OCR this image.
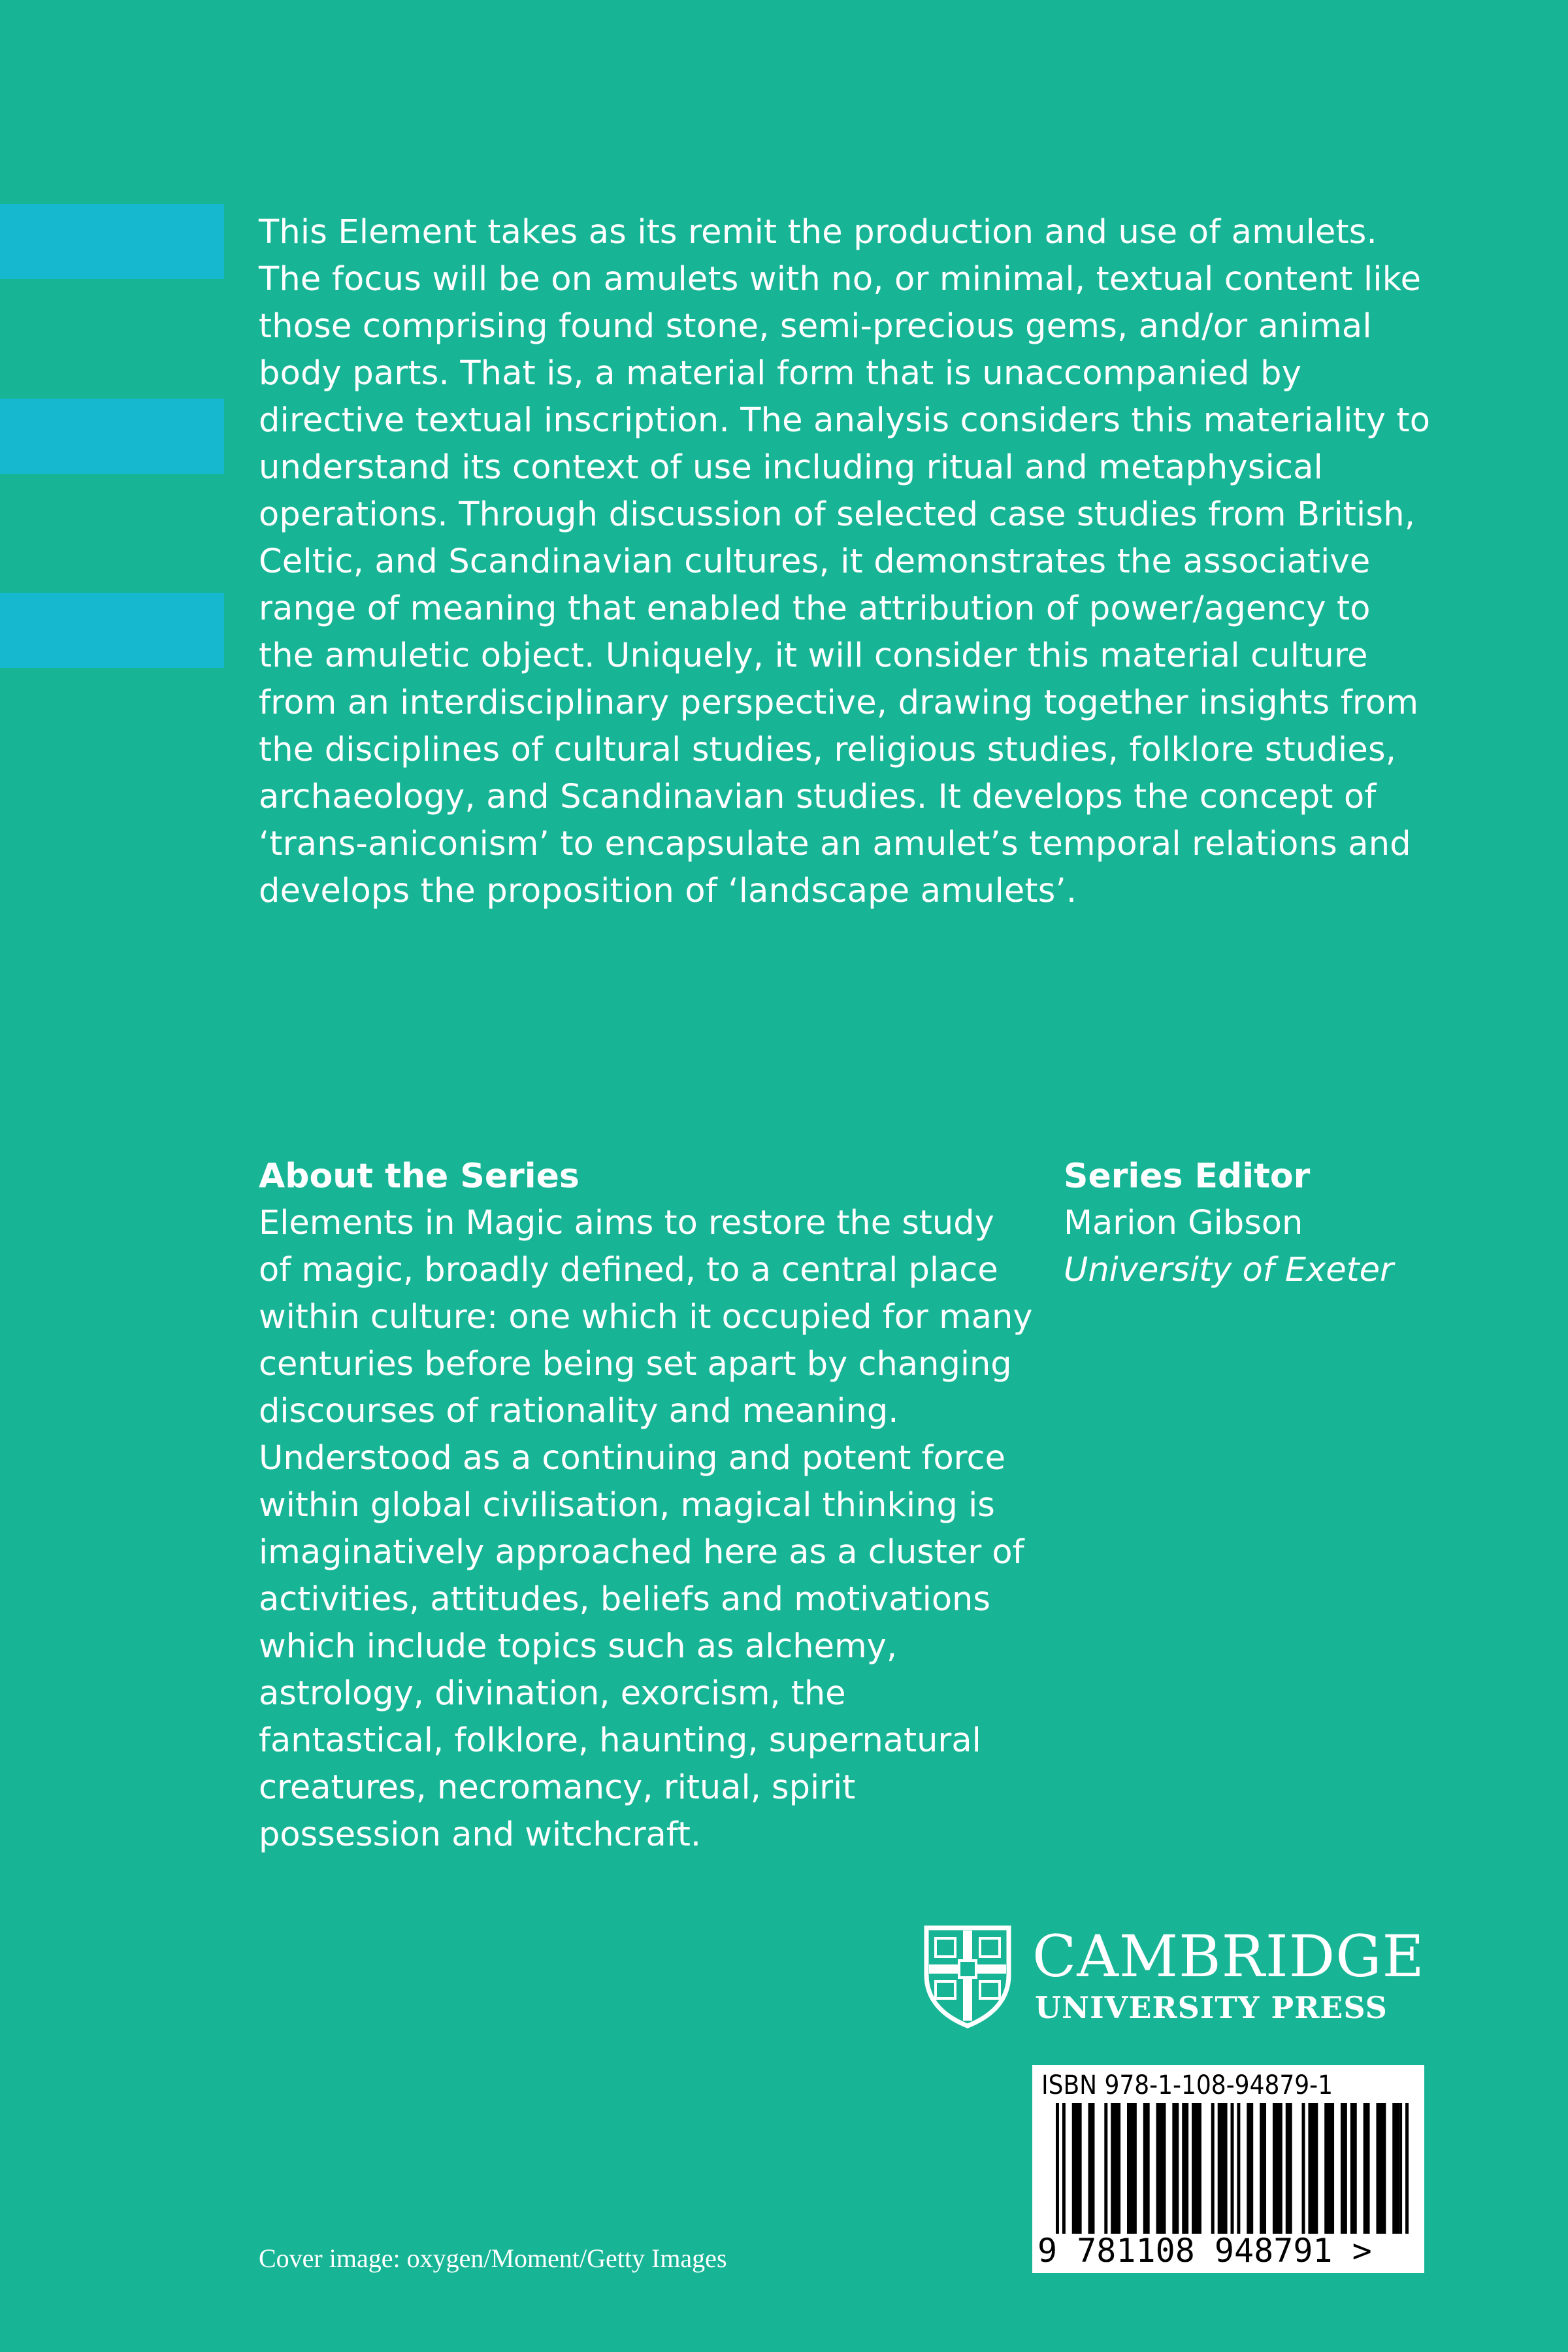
This Element takes as its remit the production and use of amulets. The focus will be on amulets with no, or minimal, textual content like those comprising found stone, semi-precious gems, and/or animal body parts. That is, a material form that is unaccompanied by directive textual inscription. The analysis considers this materiality to understand its context of use including ritual and metaphysical operations. Through discussion of selected case studies from British, Celtic, and Scandinavian cultures, it demonstrates the associative range of meaning that enabled the attribution of power/agency to the amuletic object. Uniquely, it will consider this material culture from an interdisciplinary perspective, drawing together insights from the disciplines of cultural studies, religious studies, folklore studies, archaeology, and Scandinavian studies. It develops the concept of ‘trans-aniconism’ to encapsulate an amulet’s temporal relations and develops the proposition of ‘landscape amulets’.

About the Series

Elements in Magic aims to restore the study of magic, broadly defined, to a central place within culture: one which it occupied for many centuries before being set apart by changing discourses of rationality and meaning. Understood as a continuing and potent force within global civilisation, magical thinking is imaginatively approached here as a cluster of activities, attitudes, beliefs and motivations which include topics such as alchemy, astrology, divination, exorcism, the fantastical, folklore, haunting, supernatural creatures, necromancy, ritual, spirit possession and witchcraft.

Series Editor

Marion Gibson

University of Exeter

CAMBRIDGE

UNIVERSITY PRESS

ISBN 978-1-108-94879-1

9 781108 948791 >

Cover image: oxygen/Moment/Getty Images
